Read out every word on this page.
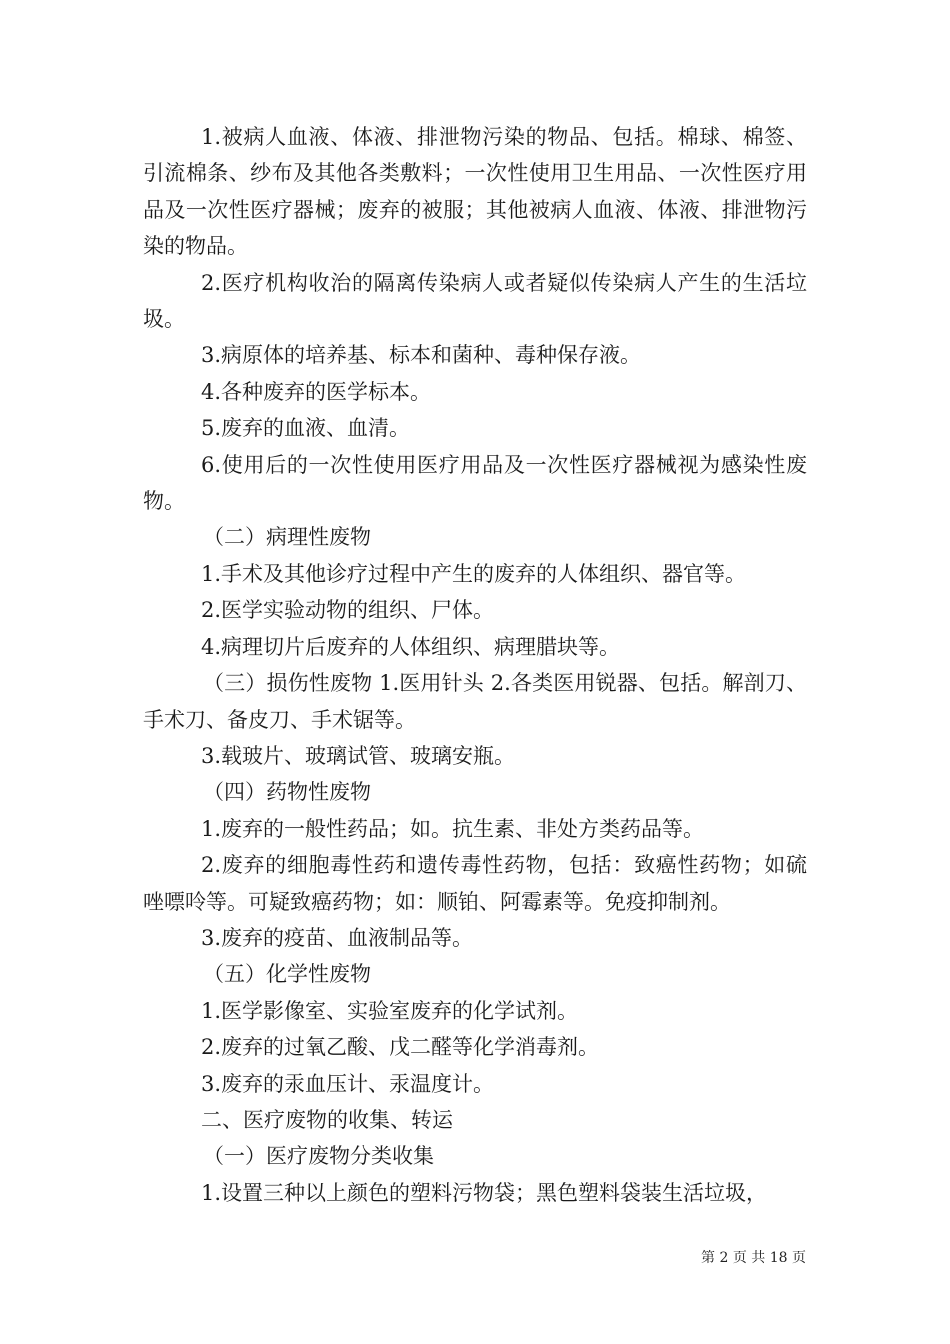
1.被病人血液、体液、排泄物污染的物品、包括。棉球、棉签、引流棉条、纱布及其他各类敷料；一次性使用卫生用品、一次性医疗用品及一次性医疗器械；废弃的被服；其他被病人血液、体液、排泄物污染的物品。

2.医疗机构收治的隔离传染病人或者疑似传染病人产生的生活垃圾。

3.病原体的培养基、标本和菌种、毒种保存液。

4.各种废弃的医学标本。

5.废弃的血液、血清。

6.使用后的一次性使用医疗用品及一次性医疗器械视为感染性废物。

（二）病理性废物

1.手术及其他诊疗过程中产生的废弃的人体组织、器官等。

2.医学实验动物的组织、尸体。

4.病理切片后废弃的人体组织、病理腊块等。

（三）损伤性废物 1.医用针头 2.各类医用锐器、包括。解剖刀、手术刀、备皮刀、手术锯等。

3.载玻片、玻璃试管、玻璃安瓶。

（四）药物性废物

1.废弃的一般性药品；如。抗生素、非处方类药品等。

2.废弃的细胞毒性药和遗传毒性药物，包括：致癌性药物；如硫唑嘌呤等。可疑致癌药物；如：顺铂、阿霉素等。免疫抑制剂。

3.废弃的疫苗、血液制品等。

（五）化学性废物

1.医学影像室、实验室废弃的化学试剂。

2.废弃的过氧乙酸、戊二醛等化学消毒剂。

3.废弃的汞血压计、汞温度计。

二、医疗废物的收集、转运

（一）医疗废物分类收集

1.设置三种以上颜色的塑料污物袋；黑色塑料袋装生活垃圾，

第 2 页 共 18 页
